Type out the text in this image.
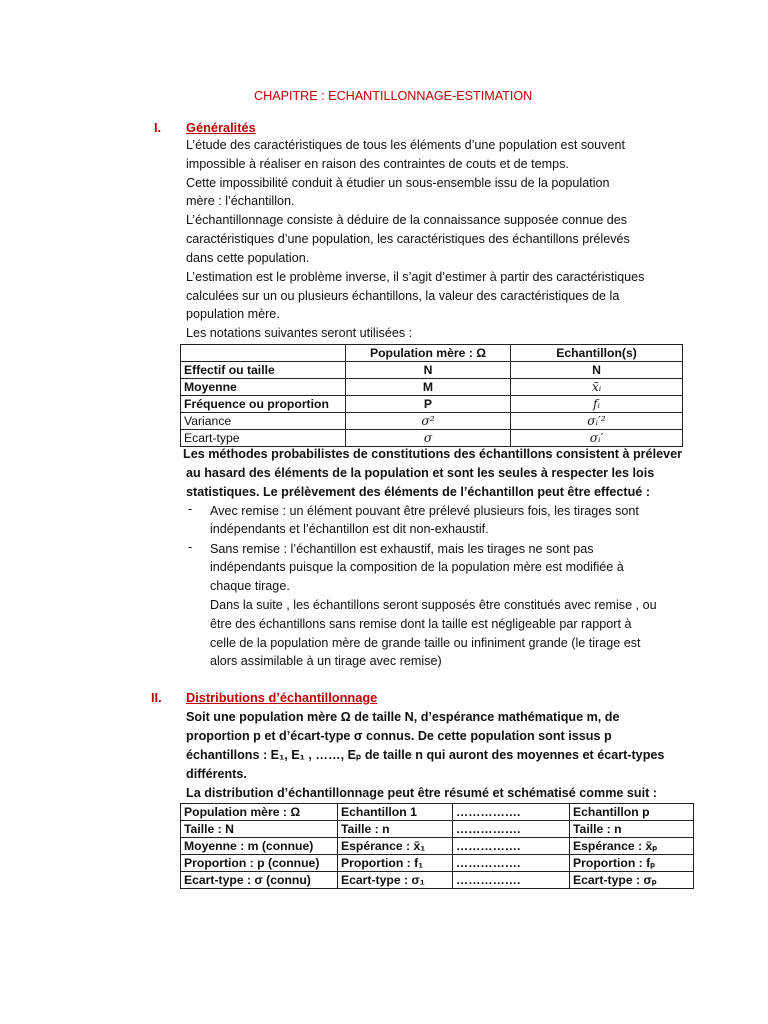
CHAPITRE : ECHANTILLONNAGE-ESTIMATION
I. Généralités
L’étude des caractéristiques de tous les éléments d’une population est souvent
impossible à réaliser en raison des contraintes de couts et de temps.
Cette impossibilité conduit à étudier un sous-ensemble issu de la population
mère : l’échantillon.
L’échantillonnage consiste à déduire de la connaissance supposée connue des
caractéristiques d’une population, les caractéristiques des échantillons prélevés
dans cette population.
L’estimation est le problème inverse, il s’agit d’estimer à partir des caractéristiques
calculées sur un ou plusieurs échantillons, la valeur des caractéristiques de la
population mère.
Les notations suivantes seront utilisées :
	Population mère : Ω	Echantillon(s)
Effectif ou taille	N	N
Moyenne	M	x̄ᵢ
Fréquence ou proportion	P	fᵢ
Variance	σ²	σᵢ′²
Ecart-type	σ	σᵢ′
Les méthodes probabilistes de constitutions des échantillons consistent à prélever
au hasard des éléments de la population et sont les seules à respecter les lois
statistiques. Le prélèvement des éléments de l’échantillon peut être effectué :
- Avec remise : un élément pouvant être prélevé plusieurs fois, les tirages sont
indépendants et l’échantillon est dit non-exhaustif.
- Sans remise : l’échantillon est exhaustif, mais les tirages ne sont pas
indépendants puisque la composition de la population mère est modifiée à
chaque tirage.
Dans la suite , les échantillons seront supposés être constitués avec remise , ou
être des échantillons sans remise dont la taille est négligeable par rapport à
celle de la population mère de grande taille ou infiniment grande (le tirage est
alors assimilable à un tirage avec remise)
II. Distributions d’échantillonnage
Soit une population mère Ω de taille N, d’espérance mathématique m, de
proportion p et d’écart-type σ connus. De cette population sont issus p
échantillons : E₁, E₁ , ……, Eₚ de taille n qui auront des moyennes et écart-types
différents.
La distribution d’échantillonnage peut être résumé et schématisé comme suit :
Population mère : Ω	Echantillon 1	…………….	Echantillon p
Taille : N	Taille : n	…………….	Taille : n
Moyenne : m (connue)	Espérance : x̄₁	…………….	Espérance : x̄ₚ
Proportion : p (connue)	Proportion : f₁	…………….	Proportion : fₚ
Ecart-type : σ (connu)	Ecart-type : σ₁	…………….	Ecart-type : σₚ
